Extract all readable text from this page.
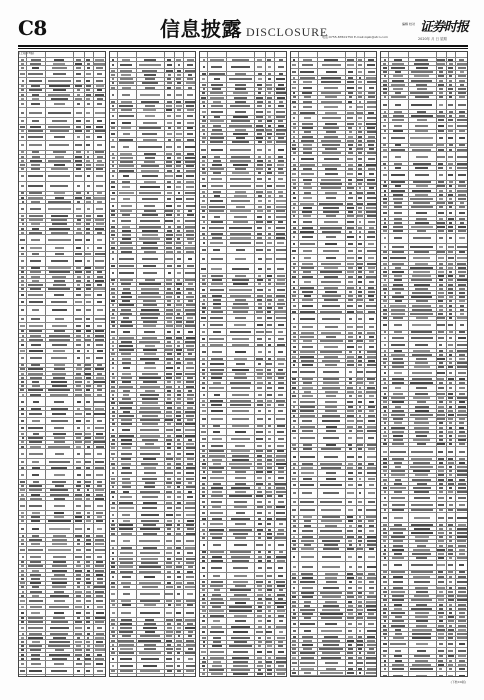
C8	信息披露 DISCLOSURE
编辑 校对
电话:0755-83501750 E-mail:zqsb@stcn.com
证券时报
2020年 月 日 星期
(上接C7版)
(下转C9版)
